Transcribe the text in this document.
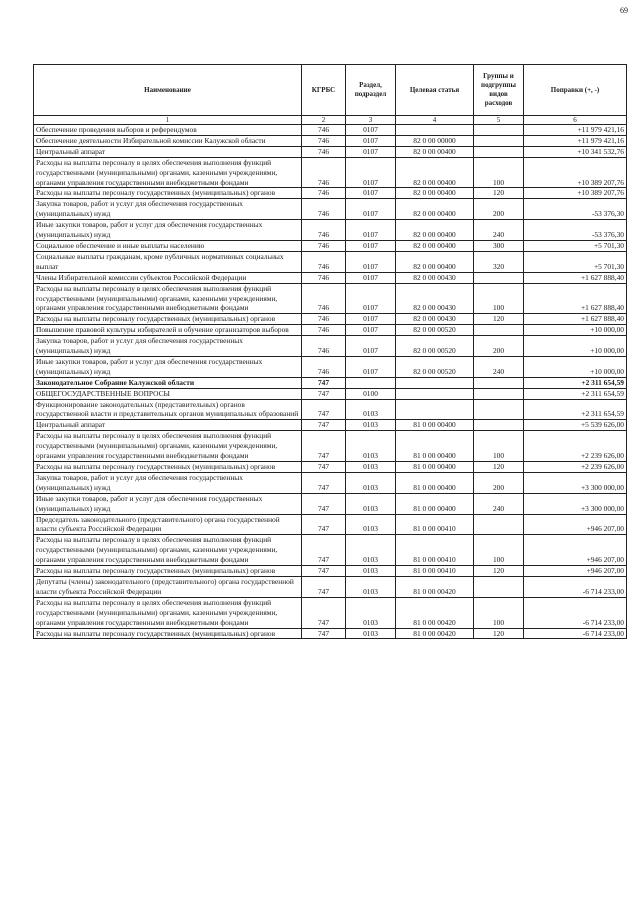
69
Наименование	КГРБС	Раздел, подраздел	Целевая статья	Группы и подгруппы видов расходов	Поправки (+, -)
1	2	3	4	5	6
Обеспечение проведения выборов и референдумов	746	0107			+11 979 421,16
Обеспечение деятельности Избирательной комиссии Калужской области	746	0107	82 0 00 00000		+11 979 421,16
Центральный аппарат	746	0107	82 0 00 00400		+10 341 532,76
Расходы на выплаты персоналу в целях обеспечения выполнения функций государственными (муниципальными) органами, казенными учреждениями, органами управления государственными внебюджетными фондами	746	0107	82 0 00 00400	100	+10 389 207,76
Расходы на выплаты персоналу государственных (муниципальных) органов	746	0107	82 0 00 00400	120	+10 389 207,76
Закупка товаров, работ и услуг для обеспечения государственных (муниципальных) нужд	746	0107	82 0 00 00400	200	-53 376,30
Иные закупки товаров, работ и услуг для обеспечения государственных (муниципальных) нужд	746	0107	82 0 00 00400	240	-53 376,30
Социальное обеспечение и иные выплаты населению	746	0107	82 0 00 00400	300	+5 701,30
Социальные выплаты гражданам, кроме публичных нормативных социальных выплат	746	0107	82 0 00 00400	320	+5 701,30
Члены Избирательной комиссии субъектов Российской Федерации	746	0107	82 0 00 00430		+1 627 888,40
Расходы на выплаты персоналу в целях обеспечения выполнения функций государственными (муниципальными) органами, казенными учреждениями, органами управления государственными внебюджетными фондами	746	0107	82 0 00 00430	100	+1 627 888,40
Расходы на выплаты персоналу государственных (муниципальных) органов	746	0107	82 0 00 00430	120	+1 627 888,40
Повышение правовой культуры избирателей и обучение организаторов выборов	746	0107	82 0 00 00520		+10 000,00
Закупка товаров, работ и услуг для обеспечения государственных (муниципальных) нужд	746	0107	82 0 00 00520	200	+10 000,00
Иные закупки товаров, работ и услуг для обеспечения государственных (муниципальных) нужд	746	0107	82 0 00 00520	240	+10 000,00
Законодательное Собрание Калужской области	747				+2 311 654,59
ОБЩЕГОСУДАРСТВЕННЫЕ ВОПРОСЫ	747	0100			+2 311 654,59
Функционирование законодательных (представительных) органов государственной власти и представительных органов муниципальных образований	747	0103			+2 311 654,59
Центральный аппарат	747	0103	81 0 00 00400		+5 539 626,00
Расходы на выплаты персоналу в целях обеспечения выполнения функций государственными (муниципальными) органами, казенными учреждениями, органами управления государственными внебюджетными фондами	747	0103	81 0 00 00400	100	+2 239 626,00
Расходы на выплаты персоналу государственных (муниципальных) органов	747	0103	81 0 00 00400	120	+2 239 626,00
Закупка товаров, работ и услуг для обеспечения государственных (муниципальных) нужд	747	0103	81 0 00 00400	200	+3 300 000,00
Иные закупки товаров, работ и услуг для обеспечения государственных (муниципальных) нужд	747	0103	81 0 00 00400	240	+3 300 000,00
Председатель законодательного (представительного) органа государственной власти субъекта Российской Федерации	747	0103	81 0 00 00410		+946 207,00
Расходы на выплаты персоналу в целях обеспечения выполнения функций государственными (муниципальными) органами, казенными учреждениями, органами управления государственными внебюджетными фондами	747	0103	81 0 00 00410	100	+946 207,00
Расходы на выплаты персоналу государственных (муниципальных) органов	747	0103	81 0 00 00410	120	+946 207,00
Депутаты (члены) законодательного (представительного) органа государственной власти субъекта Российской Федерации	747	0103	81 0 00 00420		-6 714 233,00
Расходы на выплаты персоналу в целях обеспечения выполнения функций государственными (муниципальными) органами, казенными учреждениями, органами управления государственными внебюджетными фондами	747	0103	81 0 00 00420	100	-6 714 233,00
Расходы на выплаты персоналу государственных (муниципальных) органов	747	0103	81 0 00 00420	120	-6 714 233,00
